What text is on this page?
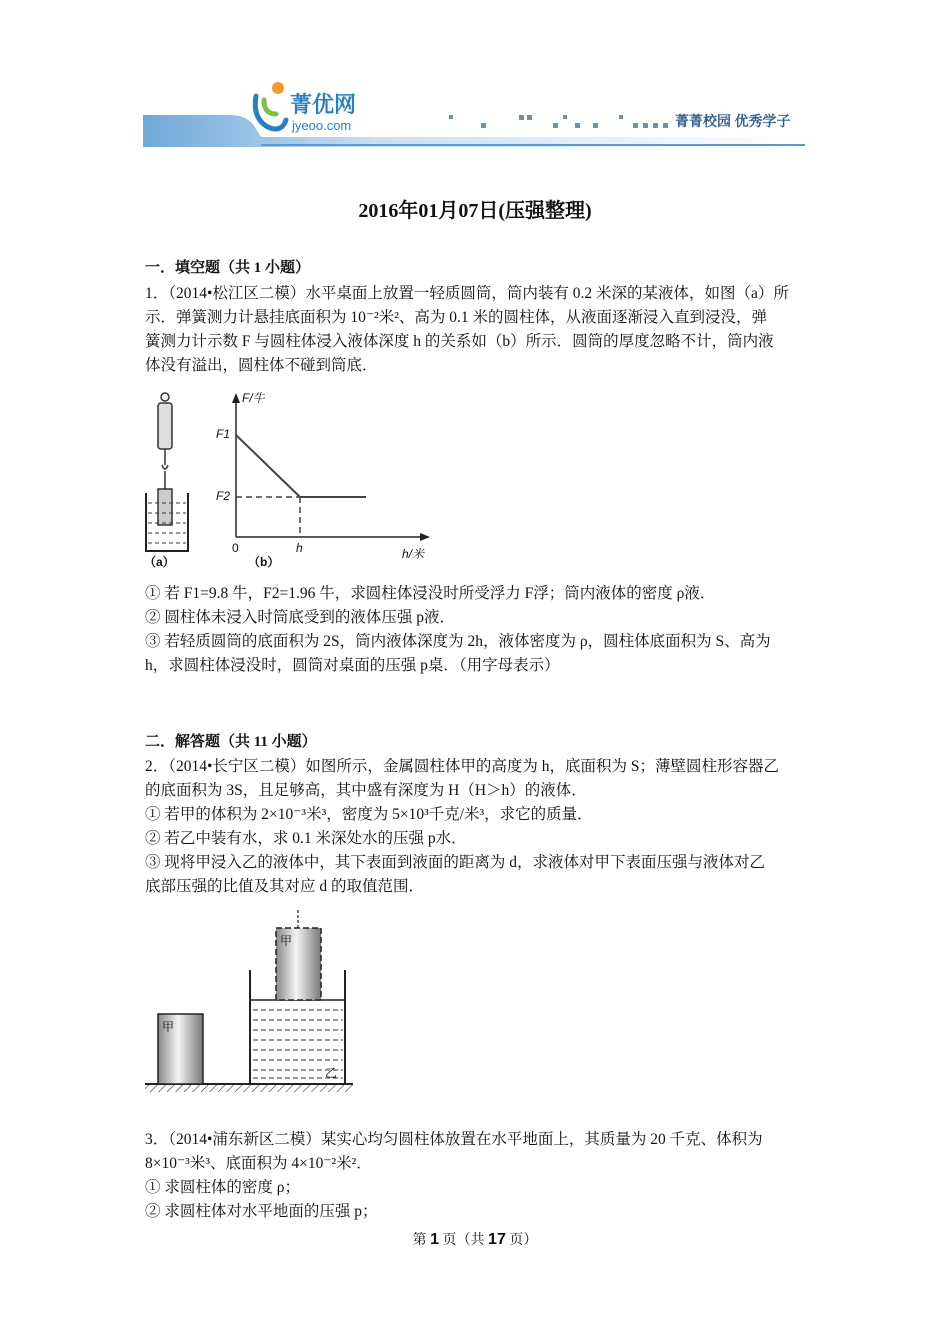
菁优网
jyeoo.com	菁菁校园 优秀学子
2016年01月07日(压强整理)
一．填空题（共 1 小题）
1．（2014•松江区二模）水平桌面上放置一轻质圆筒，筒内装有 0.2 米深的某液体，如图（a）所
示．弹簧测力计悬挂底面积为 10⁻²米²、高为 0.1 米的圆柱体，从液面逐渐浸入直到浸没，弹
簧测力计示数 F 与圆柱体浸入液体深度 h 的关系如（b）所示．圆筒的厚度忽略不计，筒内液
体没有溢出，圆柱体不碰到筒底．
（a）	（b）
F/牛
h/米
F1
F2
0	h
① 若 F1=9.8 牛，F2=1.96 牛，求圆柱体浸没时所受浮力 F浮；筒内液体的密度 ρ液．
② 圆柱体未浸入时筒底受到的液体压强 p液．
③ 若轻质圆筒的底面积为 2S，筒内液体深度为 2h，液体密度为 ρ，圆柱体底面积为 S、高为
h，求圆柱体浸没时，圆筒对桌面的压强 p桌．（用字母表示）
二．解答题（共 11 小题）
2．（2014•长宁区二模）如图所示，金属圆柱体甲的高度为 h，底面积为 S；薄壁圆柱形容器乙
的底面积为 3S，且足够高，其中盛有深度为 H（H＞h）的液体．
① 若甲的体积为 2×10⁻³米³，密度为 5×10³千克/米³，求它的质量．
② 若乙中装有水，求 0.1 米深处水的压强 p水．
③ 现将甲浸入乙的液体中，其下表面到液面的距离为 d，求液体对甲下表面压强与液体对乙
底部压强的比值及其对应 d 的取值范围．
甲
甲
乙
3．（2014•浦东新区二模）某实心均匀圆柱体放置在水平地面上，其质量为 20 千克、体积为
8×10⁻³米³、底面积为 4×10⁻²米²．
① 求圆柱体的密度 ρ；
② 求圆柱体对水平地面的压强 p；
第 1 页（共 17 页）
